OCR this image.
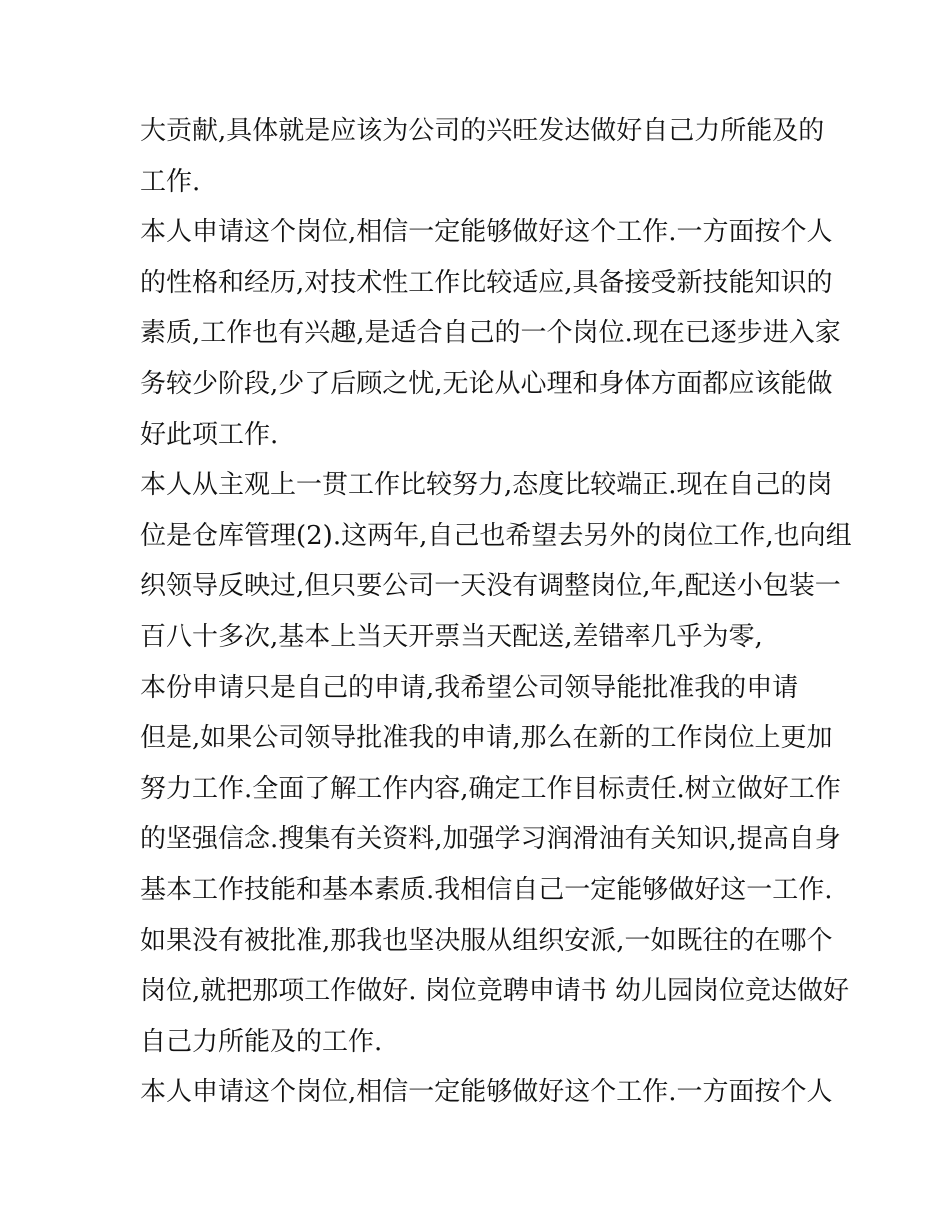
大贡献,具体就是应该为公司的兴旺发达做好自己力所能及的
工作.
本人申请这个岗位,相信一定能够做好这个工作.一方面按个人
的性格和经历,对技术性工作比较适应,具备接受新技能知识的
素质,工作也有兴趣,是适合自己的一个岗位.现在已逐步进入家
务较少阶段,少了后顾之忧,无论从心理和身体方面都应该能做
好此项工作.
本人从主观上一贯工作比较努力,态度比较端正.现在自己的岗
位是仓库管理(2).这两年,自己也希望去另外的岗位工作,也向组
织领导反映过,但只要公司一天没有调整岗位,年,配送小包装一
百八十多次,基本上当天开票当天配送,差错率几乎为零,
本份申请只是自己的申请,我希望公司领导能批准我的申请
但是,如果公司领导批准我的申请,那么在新的工作岗位上更加
努力工作.全面了解工作内容,确定工作目标责任.树立做好工作
的坚强信念.搜集有关资料,加强学习润滑油有关知识,提高自身
基本工作技能和基本素质.我相信自己一定能够做好这一工作.
如果没有被批准,那我也坚决服从组织安派,一如既往的在哪个
岗位,就把那项工作做好. 岗位竞聘申请书 幼儿园岗位竞达做好
自己力所能及的工作.
本人申请这个岗位,相信一定能够做好这个工作.一方面按个人
